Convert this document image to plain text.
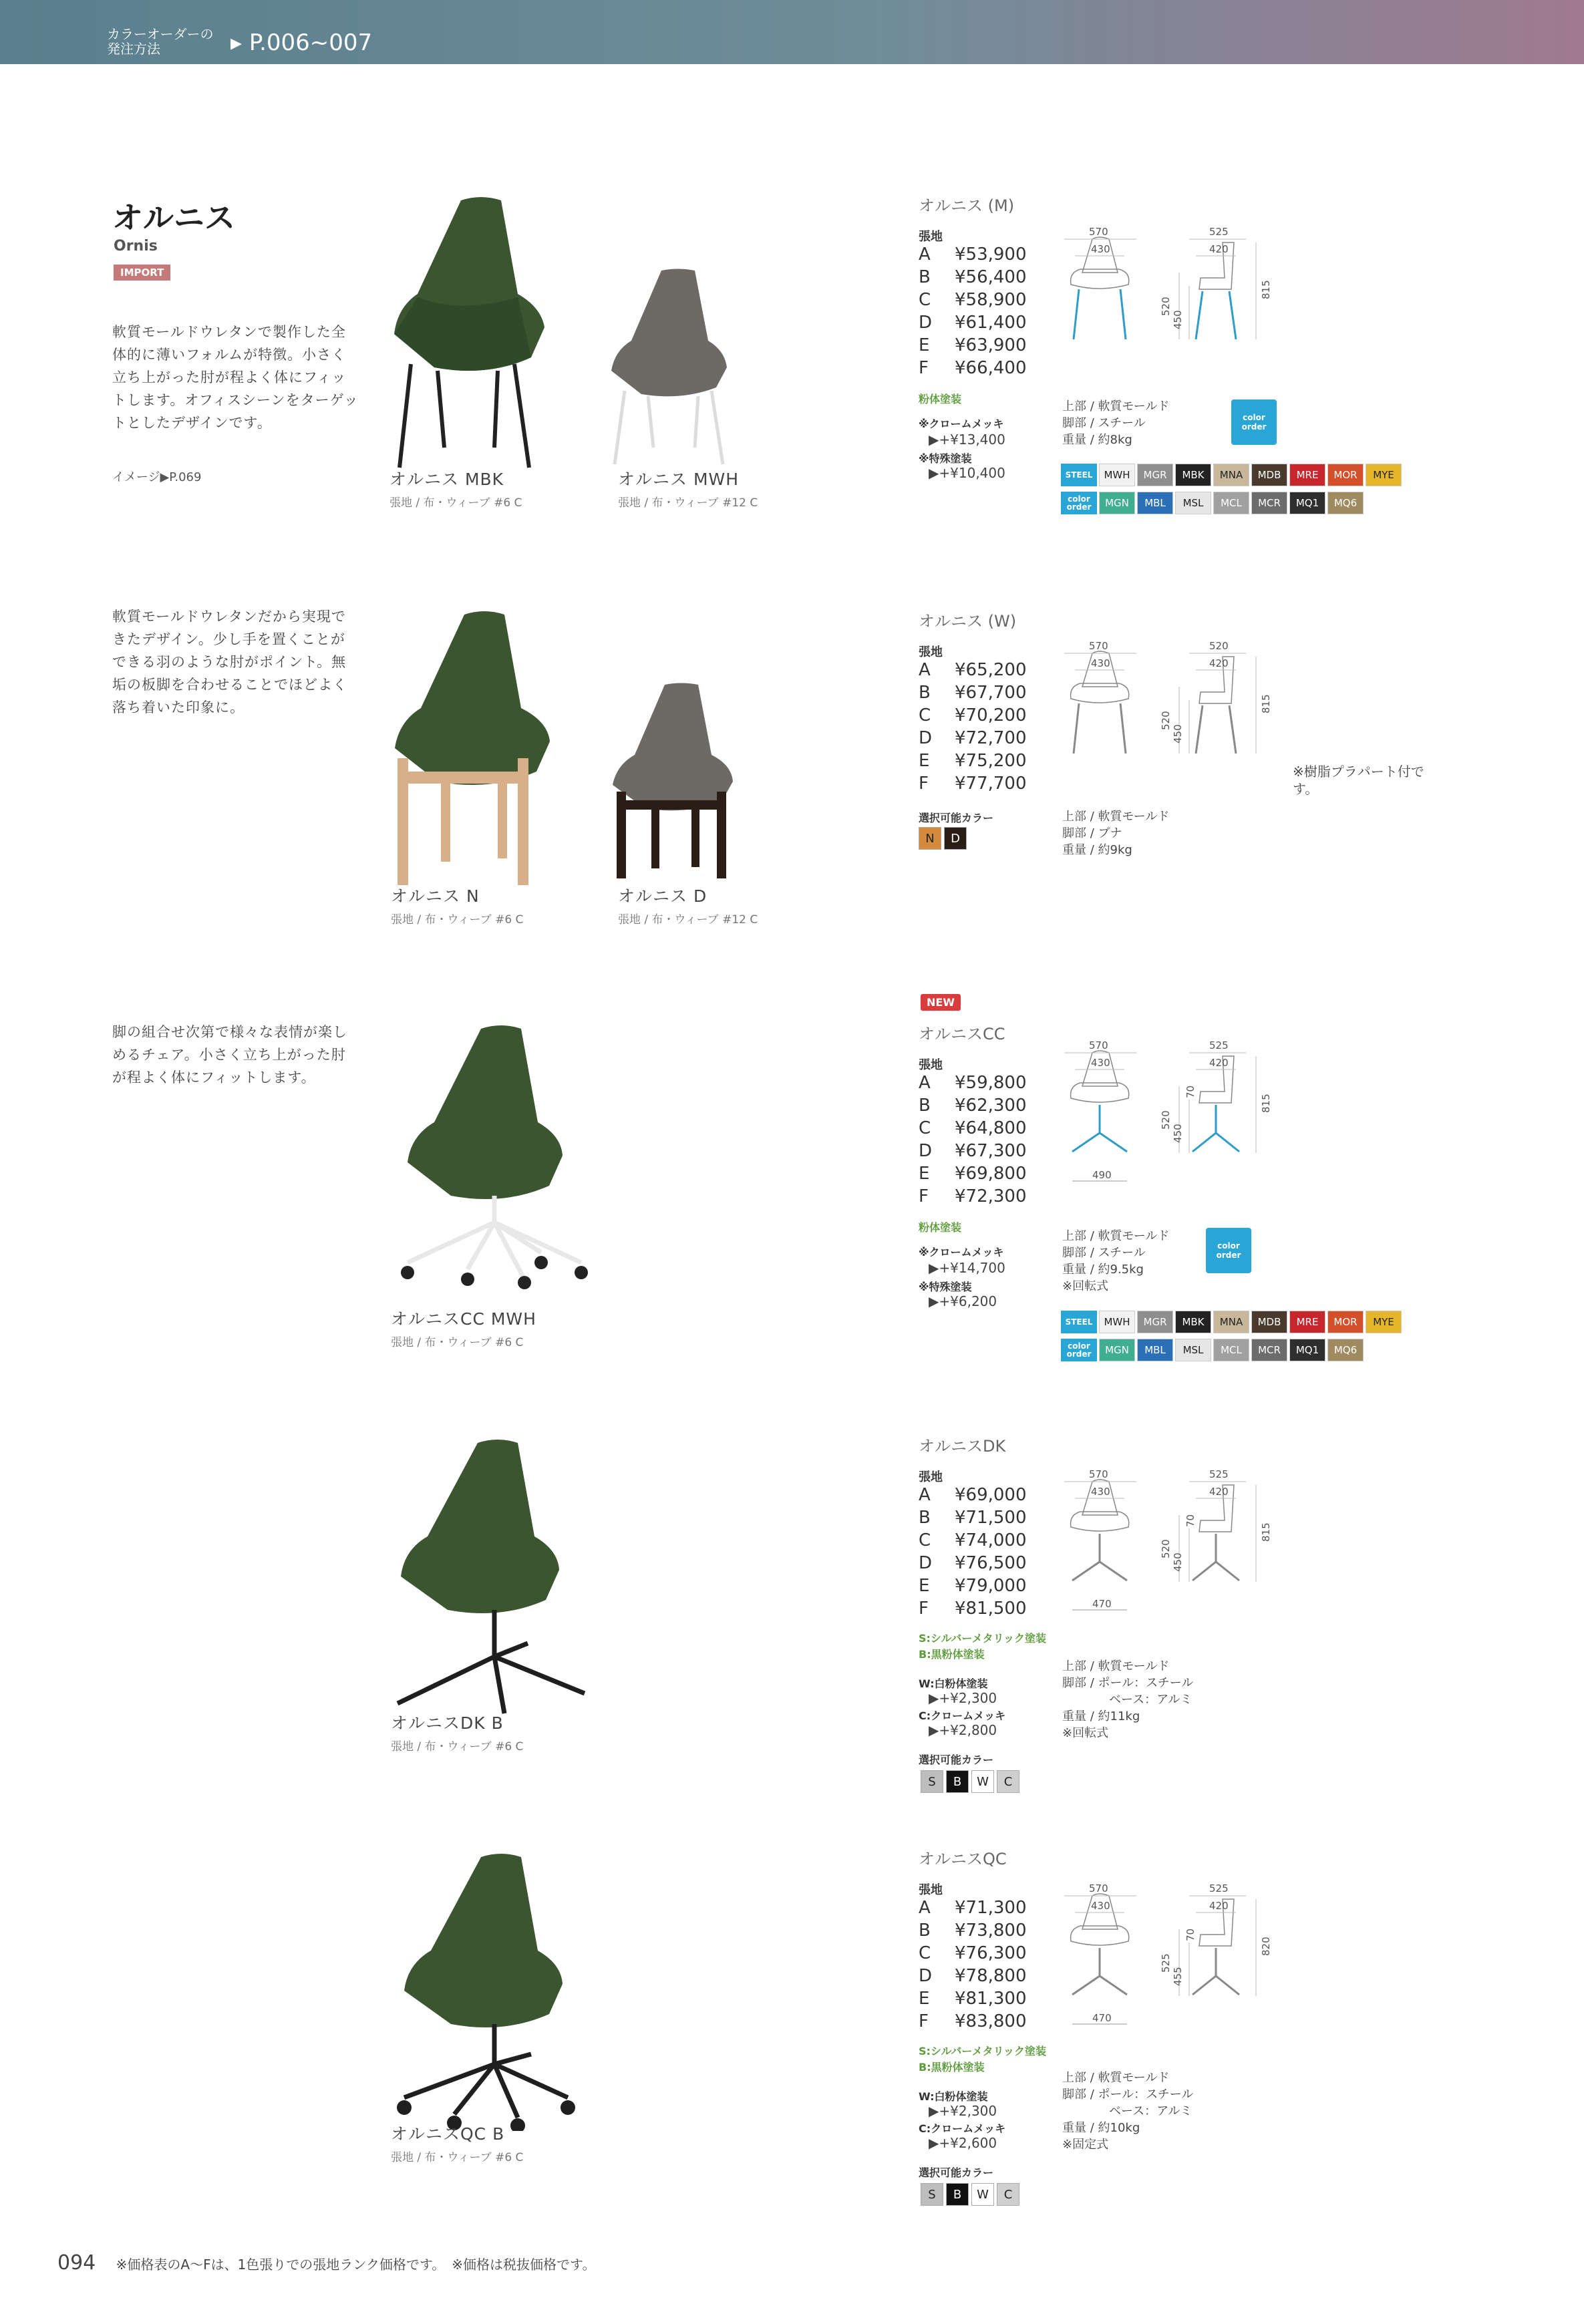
カラーオーダーの発注方法	▸ P.006~007
オルニス
Ornis
IMPORT
軟質モールドウレタンで製作した全体的に薄いフォルムが特徴。小さく立ち上がった肘が程よく体にフィットします。オフィスシーンをターゲットとしたデザインです。
イメージ▶P.069
軟質モールドウレタンだから実現できたデザイン。少し手を置くことができる羽のような肘がポイント。無垢の板脚を合わせることでほどよく落ち着いた印象に。
脚の組合せ次第で様々な表情が楽しめるチェア。小さく立ち上がった肘が程よく体にフィットします。
オルニス MBK
張地 / 布・ウィーブ #6 C
オルニス MWH
張地 / 布・ウィーブ #12 C
オルニス N
張地 / 布・ウィーブ #6 C
オルニス D
張地 / 布・ウィーブ #12 C
オルニスCC MWH
張地 / 布・ウィーブ #6 C
オルニスDK B
張地 / 布・ウィーブ #6 C
オルニスQC B
張地 / 布・ウィーブ #6 C
オルニス (M)
張地
粉体塗装
※クロームメッキ
▶+¥13,400
※特殊塗装
▶+¥10,400
オルニス (W)
張地
選択可能カラー
N	D
NEW
オルニスCC
張地
粉体塗装
※クロームメッキ
▶+¥14,700
※特殊塗装
▶+¥6,200
オルニスDK
張地
S:シルバーメタリック塗装
B:黒粉体塗装
W:白粉体塗装
▶+¥2,300
C:クロームメッキ
▶+¥2,800
選択可能カラー
S	B	W	C
オルニスQC
張地
S:シルバーメタリック塗装
B:黒粉体塗装
W:白粉体塗装
▶+¥2,300
C:クロームメッキ
▶+¥2,600
選択可能カラー
S	B	W	C
570
430
525
420
815
520
450
570
430
520
420
815
520
450
490
570
430
525
420
815
520
450
70
470
570
430
525
420
815
520
450
70
470
570
430
525
420
820
525
455
70
上部 / 軟質モールド
脚部 / スチール
重量 / 約8kg
color order
上部 / 軟質モールド
脚部 / ブナ
重量 / 約9kg
※樹脂プラパート付です。
上部 / 軟質モールド
脚部 / スチール
重量 / 約9.5kg
※回転式
color order
上部 / 軟質モールド
脚部 / ポール：スチール
ベース：アルミ
重量 / 約11kg
※回転式
上部 / 軟質モールド
脚部 / ポール：スチール
ベース：アルミ
重量 / 約10kg
※固定式
STEEL	MWH	MGR	MBK	MNA	MDB	MRE	MOR	MYE
color order	MGN	MBL	MSL	MCL	MCR	MQ1	MQ6
STEEL	MWH	MGR	MBK	MNA	MDB	MRE	MOR	MYE
color order	MGN	MBL	MSL	MCL	MCR	MQ1	MQ6
094 ※価格表のA〜Fは、1色張りでの張地ランク価格です。　※価格は税抜価格です。
A ¥53,900
B ¥56,400
C ¥58,900
D ¥61,400
E ¥63,900
F ¥66,400
A ¥65,200
B ¥67,700
C ¥70,200
D ¥72,700
E ¥75,200
F ¥77,700
A ¥59,800
B ¥62,300
C ¥64,800
D ¥67,300
E ¥69,800
F ¥72,300
A ¥69,000
B ¥71,500
C ¥74,000
D ¥76,500
E ¥79,000
F ¥81,500
A ¥71,300
B ¥73,800
C ¥76,300
D ¥78,800
E ¥81,300
F ¥83,800
